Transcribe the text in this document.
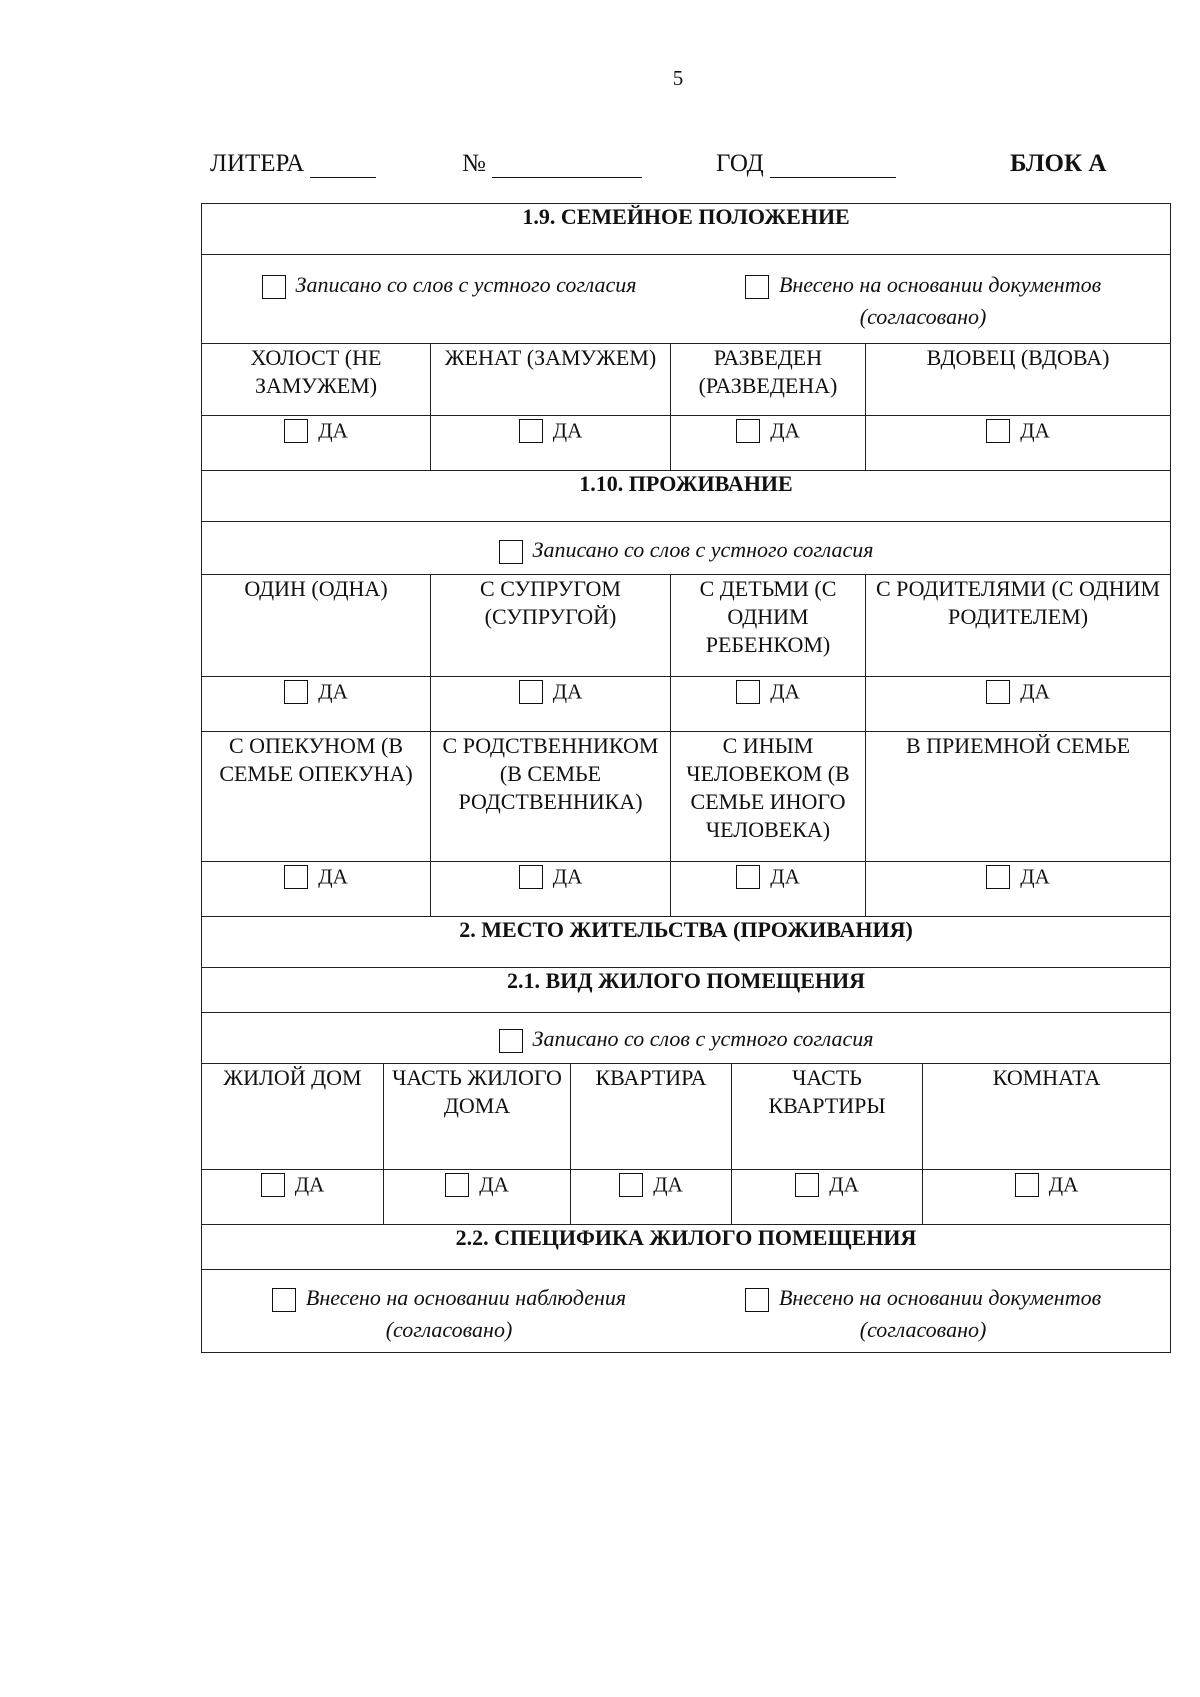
5
ЛИТЕРА	№	ГОД	БЛОК А
1.9. СЕМЕЙНОЕ ПОЛОЖЕНИЕ							

Записано со слов с устного согласия Внесено на основании документов (согласовано)							

ХОЛОСТ (НЕ ЗАМУЖЕМ)		ЖЕНАТ (ЗАМУЖЕМ)		РАЗВЕДЕН (РАЗВЕДЕНА)		ВДОВЕЦ (ВДОВА)	
ДА		ДА		ДА		ДА	
1.10. ПРОЖИВАНИЕ							

Записано со слов с устного согласия							

ОДИН (ОДНА)		С СУПРУГОМ (СУПРУГОЙ)		С ДЕТЬМИ (С ОДНИМ РЕБЕНКОМ)		С РОДИТЕЛЯМИ (С ОДНИМ РОДИТЕЛЕМ)	
ДА		ДА		ДА		ДА	
С ОПЕКУНОМ (В СЕМЬЕ ОПЕКУНА)		С РОДСТВЕННИКОМ (В СЕМЬЕ РОДСТВЕННИКА)		С ИНЫМ ЧЕЛОВЕКОМ (В СЕМЬЕ ИНОГО ЧЕЛОВЕКА)		В ПРИЕМНОЙ СЕМЬЕ	
ДА		ДА		ДА		ДА	
2. МЕСТО ЖИТЕЛЬСТВА (ПРОЖИВАНИЯ)							
2.1. ВИД ЖИЛОГО ПОМЕЩЕНИЯ							

Записано со слов с устного согласия							

ЖИЛОЙ ДОМ	ЧАСТЬ ЖИЛОГО ДОМА		КВАРТИРА		ЧАСТЬ КВАРТИРЫ		КОМНАТА
ДА	ДА		ДА		ДА		ДА
2.2. СПЕЦИФИКА ЖИЛОГО ПОМЕЩЕНИЯ							

Внесено на основании наблюдения (согласовано)
Внесено на основании документов (согласовано)							
